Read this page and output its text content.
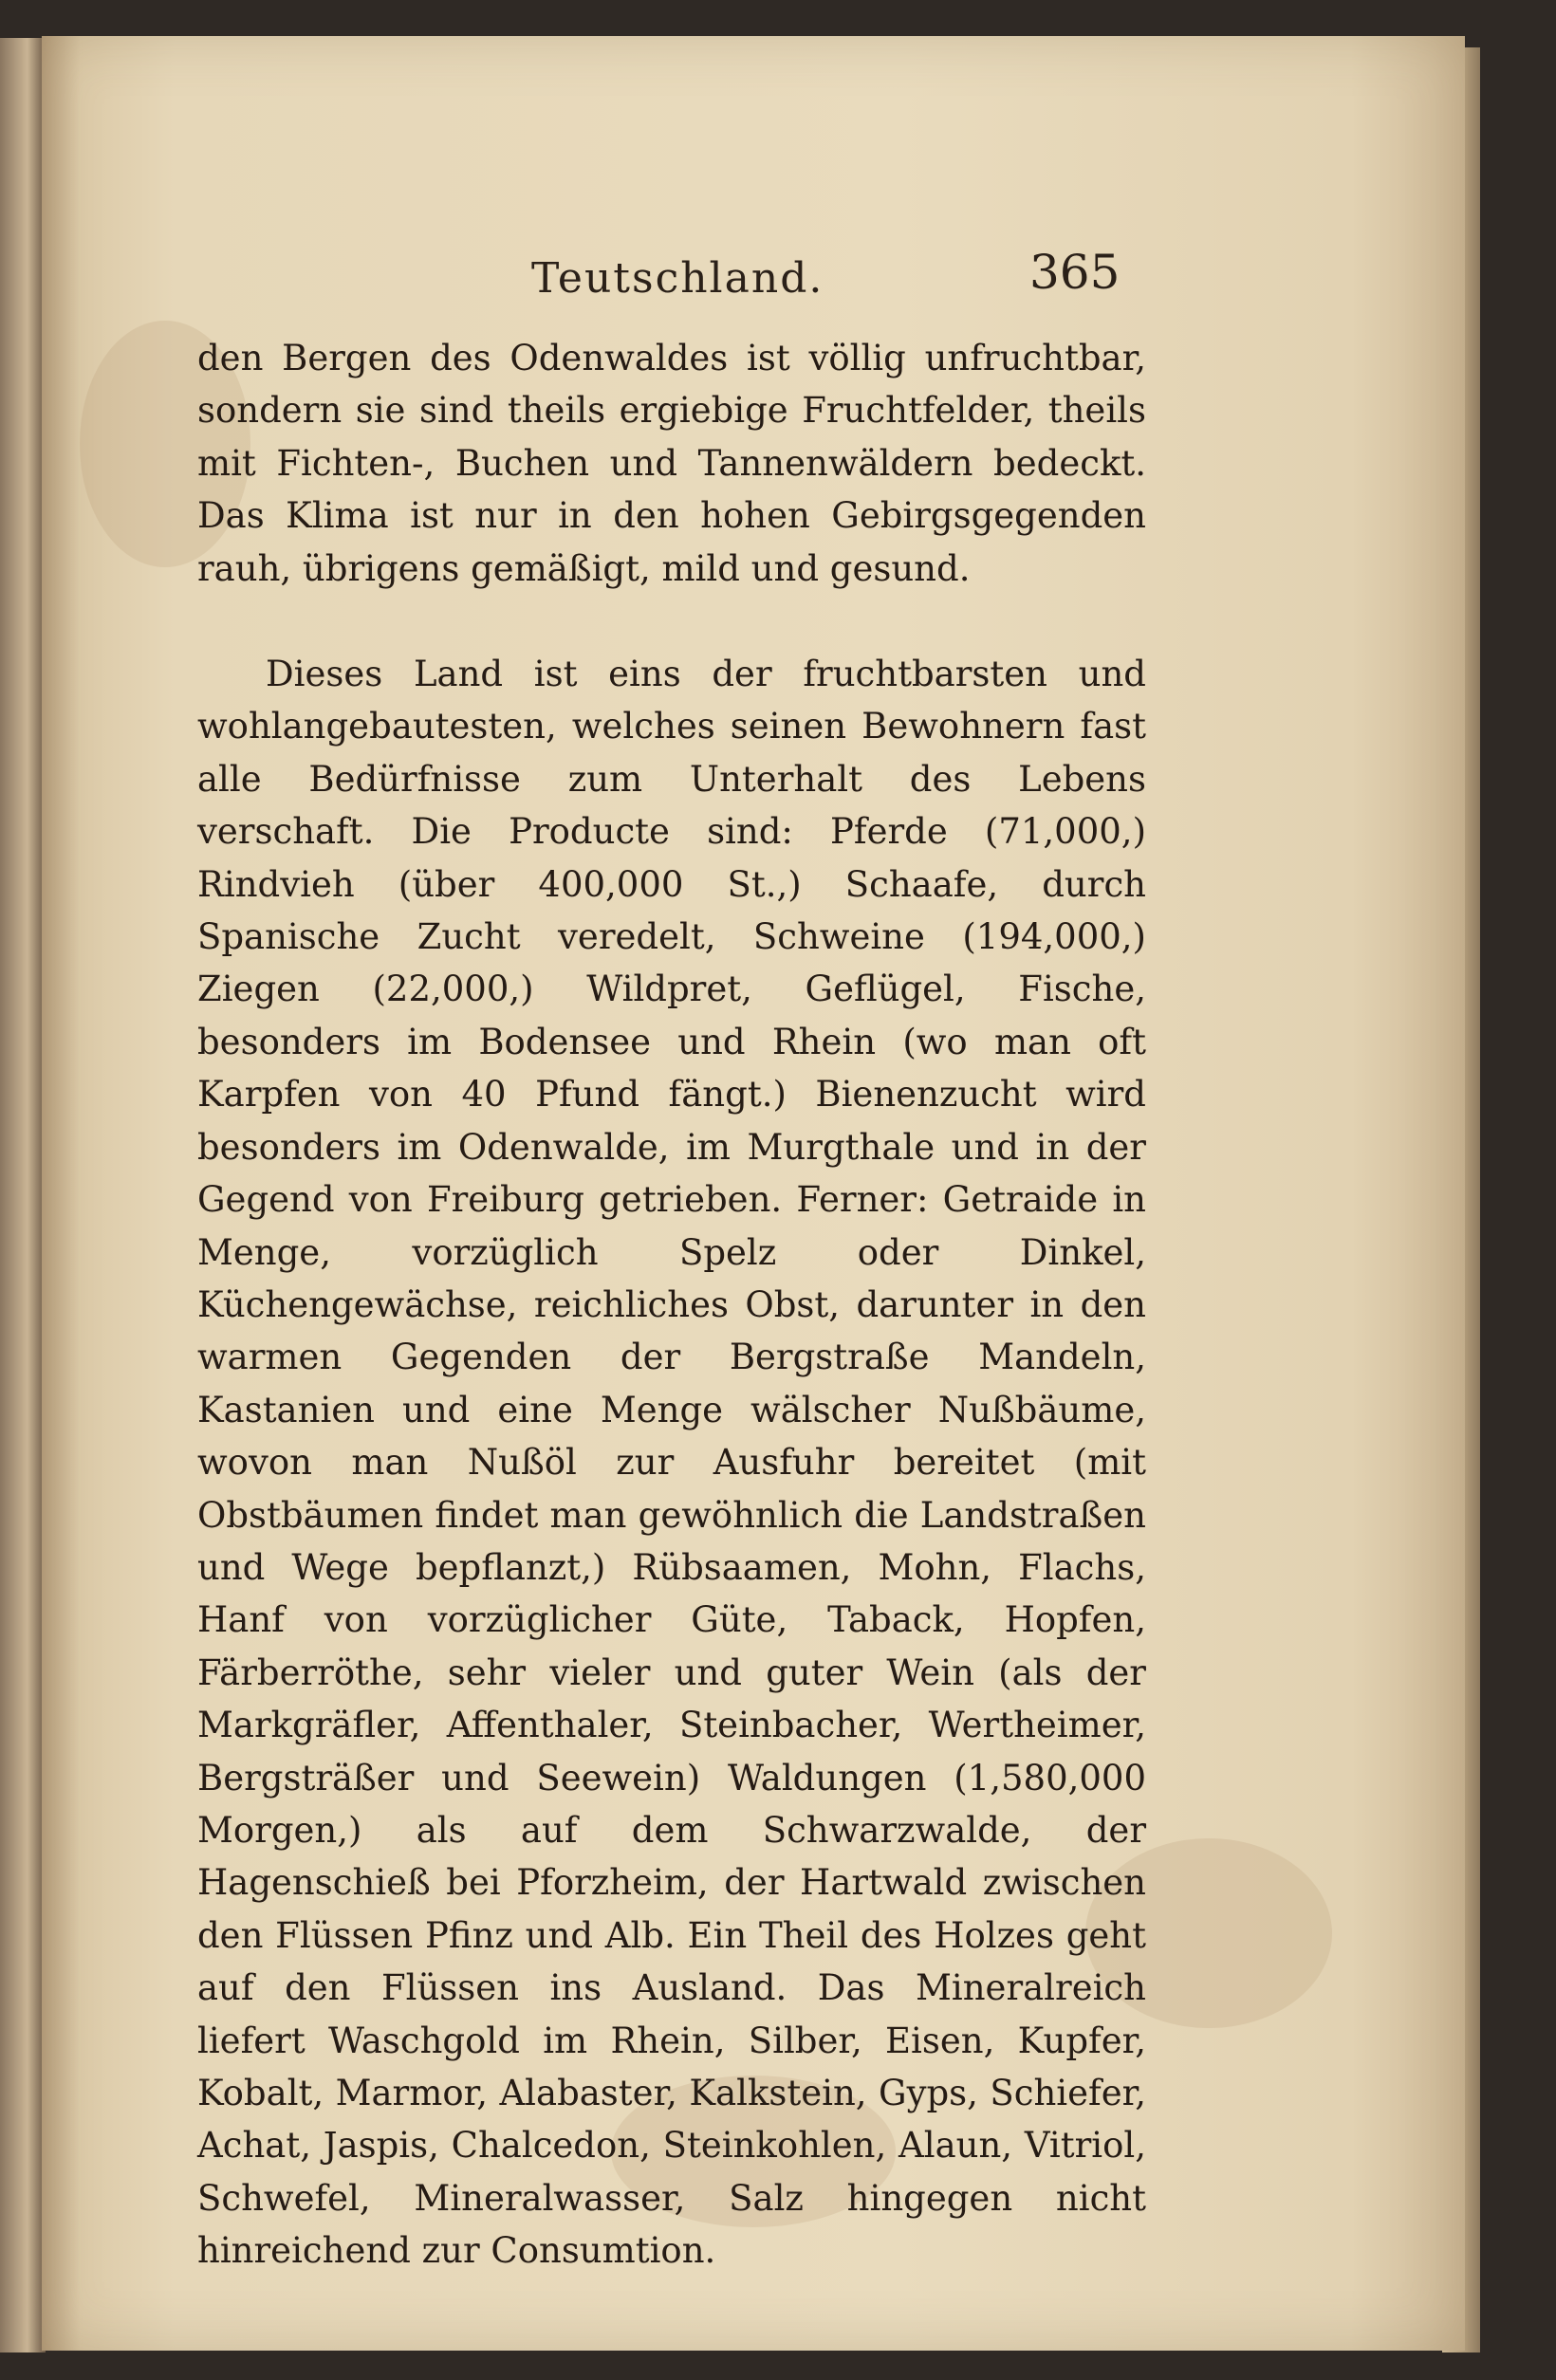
Teutschland.	365

den Bergen des Odenwaldes ist völlig unfruchtbar, sondern sie sind theils ergiebige Fruchtfelder, theils mit Fichten-, Buchen und Tannenwäldern bedeckt. Das Klima ist nur in den hohen Gebirgsgegenden rauh, übrigens gemäßigt, mild und gesund.

Dieses Land ist eins der fruchtbarsten und wohlangebautesten, welches seinen Bewohnern fast alle Bedürfnisse zum Unterhalt des Lebens verschaft. Die Producte sind: Pferde (71,000,) Rindvieh (über 400,000 St.,) Schaafe, durch Spanische Zucht veredelt, Schweine (194,000,) Ziegen (22,000,) Wildpret, Geflügel, Fische, besonders im Bodensee und Rhein (wo man oft Karpfen von 40 Pfund fängt.) Bienenzucht wird besonders im Odenwalde, im Murgthale und in der Gegend von Freiburg getrieben. Ferner: Getraide in Menge, vorzüglich Spelz oder Dinkel, Küchengewächse, reichliches Obst, darunter in den warmen Gegenden der Bergstraße Mandeln, Kastanien und eine Menge wälscher Nußbäume, wovon man Nußöl zur Ausfuhr bereitet (mit Obstbäumen findet man gewöhnlich die Landstraßen und Wege bepflanzt,) Rübsaamen, Mohn, Flachs, Hanf von vorzüglicher Güte, Taback, Hopfen, Färberröthe, sehr vieler und guter Wein (als der Markgräfler, Affenthaler, Steinbacher, Wertheimer, Bergsträßer und Seewein) Waldungen (1,580,000 Morgen,) als auf dem Schwarzwalde, der Hagenschieß bei Pforzheim, der Hartwald zwischen den Flüssen Pfinz und Alb. Ein Theil des Holzes geht auf den Flüssen ins Ausland. Das Mineralreich liefert Waschgold im Rhein, Silber, Eisen, Kupfer, Kobalt, Marmor, Alabaster, Kalkstein, Gyps, Schiefer, Achat, Jaspis, Chalcedon, Steinkohlen, Alaun, Vitriol, Schwefel, Mineralwasser, Salz hingegen nicht hinreichend zur Consumtion.
